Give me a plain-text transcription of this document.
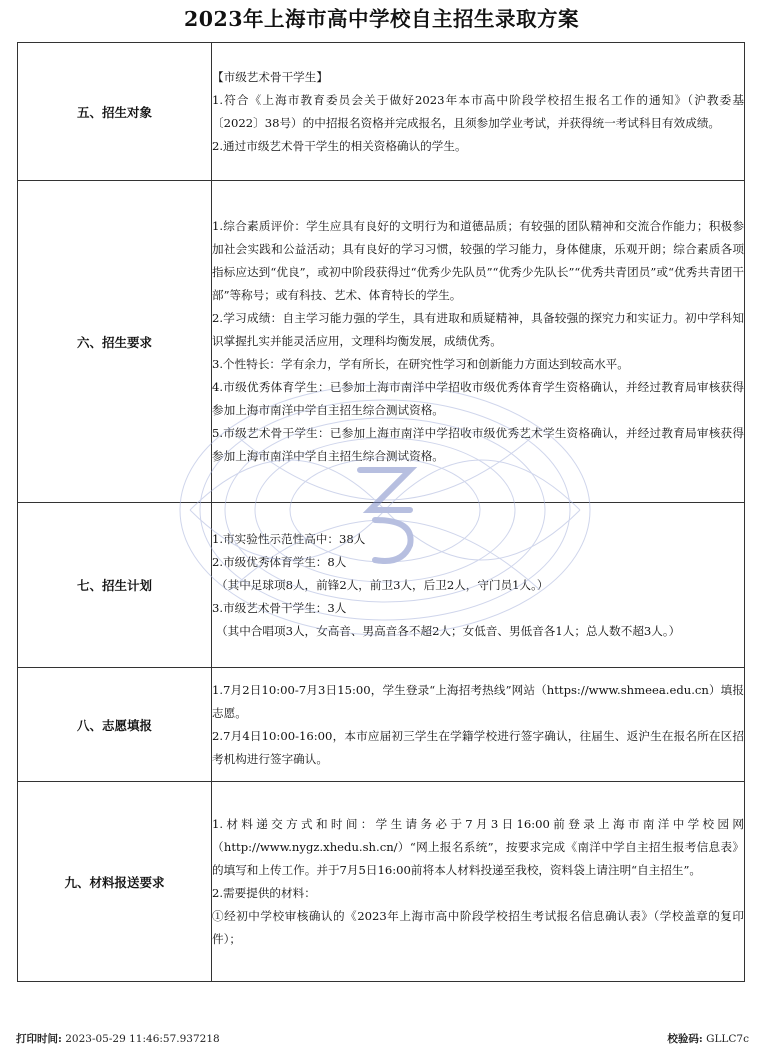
2023年上海市高中学校自主招生录取方案
五、招生对象	【市级艺术骨干学生】

1.符合《上海市教育委员会关于做好2023年本市高中阶段学校招生报名工作的通知》（沪教委基〔2022〕38号）的中招报名资格并完成报名，且须参加学业考试，并获得统一考试科目有效成绩。

2.通过市级艺术骨干学生的相关资格确认的学生。

六、招生要求	1.综合素质评价：学生应具有良好的文明行为和道德品质；有较强的团队精神和交流合作能力；积极参加社会实践和公益活动；具有良好的学习习惯，较强的学习能力，身体健康，乐观开朗；综合素质各项指标应达到“优良”，或初中阶段获得过“优秀少先队员”“优秀少先队长”“优秀共青团员”或“优秀共青团干部”等称号；或有科技、艺术、体育特长的学生。

2.学习成绩：自主学习能力强的学生，具有进取和质疑精神，具备较强的探究力和实证力。初中学科知识掌握扎实并能灵活应用，文理科均衡发展，成绩优秀。

3.个性特长：学有余力，学有所长，在研究性学习和创新能力方面达到较高水平。

4.市级优秀体育学生：已参加上海市南洋中学招收市级优秀体育学生资格确认，并经过教育局审核获得参加上海市南洋中学自主招生综合测试资格。

5.市级艺术骨干学生：已参加上海市南洋中学招收市级优秀艺术学生资格确认，并经过教育局审核获得参加上海市南洋中学自主招生综合测试资格。

七、招生计划	1.市实验性示范性高中：38人

2.市级优秀体育学生：8人

（其中足球项8人，前锋2人，前卫3人，后卫2人，守门员1人。）

3.市级艺术骨干学生：3人

（其中合唱项3人，女高音、男高音各不超2人；女低音、男低音各1人；总人数不超3人。）

八、志愿填报	1.7月2日10:00-7月3日15:00，学生登录“上海招考热线”网站（https://www.shmeea.edu.cn）填报志愿。

2.7月4日10:00-16:00，本市应届初三学生在学籍学校进行签字确认，往届生、返沪生在报名所在区招考机构进行签字确认。

九、材料报送要求	1.材料递交方式和时间：学生请务必于7月3日16:00前登录上海市南洋中学校园网（http://www.nygz.xhedu.sh.cn/）“网上报名系统”，按要求完成《南洋中学自主招生报考信息表》的填写和上传工作。并于7月5日16:00前将本人材料投递至我校，资料袋上请注明“自主招生”。

2.需要提供的材料：

①经初中学校审核确认的《2023年上海市高中阶段学校招生考试报名信息确认表》（学校盖章的复印件）；

打印时间: 2023-05-29 11:46:57.937218	校验码: GLLC7c
